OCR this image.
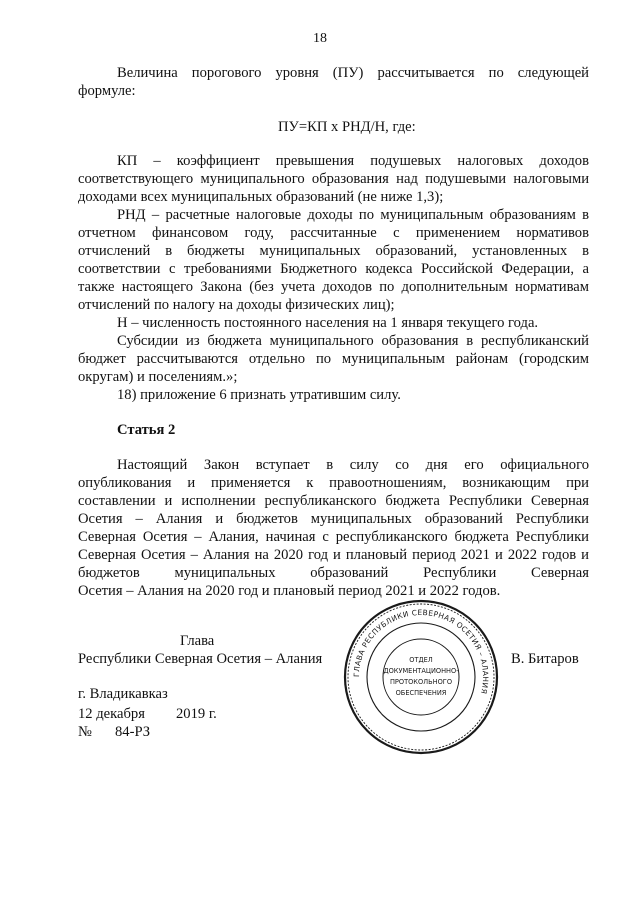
18
Величина порогового уровня (ПУ) рассчитывается по следующей
формуле:
ПУ=КП х РНД/Н, где:
КП – коэффициент превышения подушевых налоговых доходов
соответствующего муниципального образования над подушевыми налоговыми
доходами всех муниципальных образований (не ниже 1,3);
РНД – расчетные налоговые доходы по муниципальным образованиям в
отчетном финансовом году, рассчитанные с применением нормативов
отчислений в бюджеты муниципальных образований, установленных в
соответствии с требованиями Бюджетного кодекса Российской Федерации, а
также настоящего Закона (без учета доходов по дополнительным нормативам
отчислений по налогу на доходы физических лиц);
Н – численность постоянного населения на 1 января текущего года.
Субсидии из бюджета муниципального образования в республиканский
бюджет рассчитываются отдельно по муниципальным районам (городским
округам) и поселениям.»;
18) приложение 6 признать утратившим силу.
Статья 2
Настоящий Закон вступает в силу со дня его официального
опубликования и применяется к правоотношениям, возникающим при
составлении и исполнении республиканского бюджета Республики Северная
Осетия – Алания и бюджетов муниципальных образований Республики
Северная Осетия – Алания, начиная с республиканского бюджета Республики
Северная Осетия – Алания на 2020 год и плановый период 2021 и 2022 годов и
бюджетов муниципальных образований Республики Северная
Осетия – Алания на 2020 год и плановый период 2021 и 2022 годов.
Глава
Республики Северная Осетия – Алания	В. Битаров
ГЛАВА РЕСПУБЛИКИ СЕВЕРНАЯ ОСЕТИЯ – АЛАНИЯ
ОТДЕЛ
ДОКУМЕНТАЦИОННО-
ПРОТОКОЛЬНОГО
ОБЕСПЕЧЕНИЯ
г. Владикавказ
12 декабря 2019 г.
№ 84-РЗ
